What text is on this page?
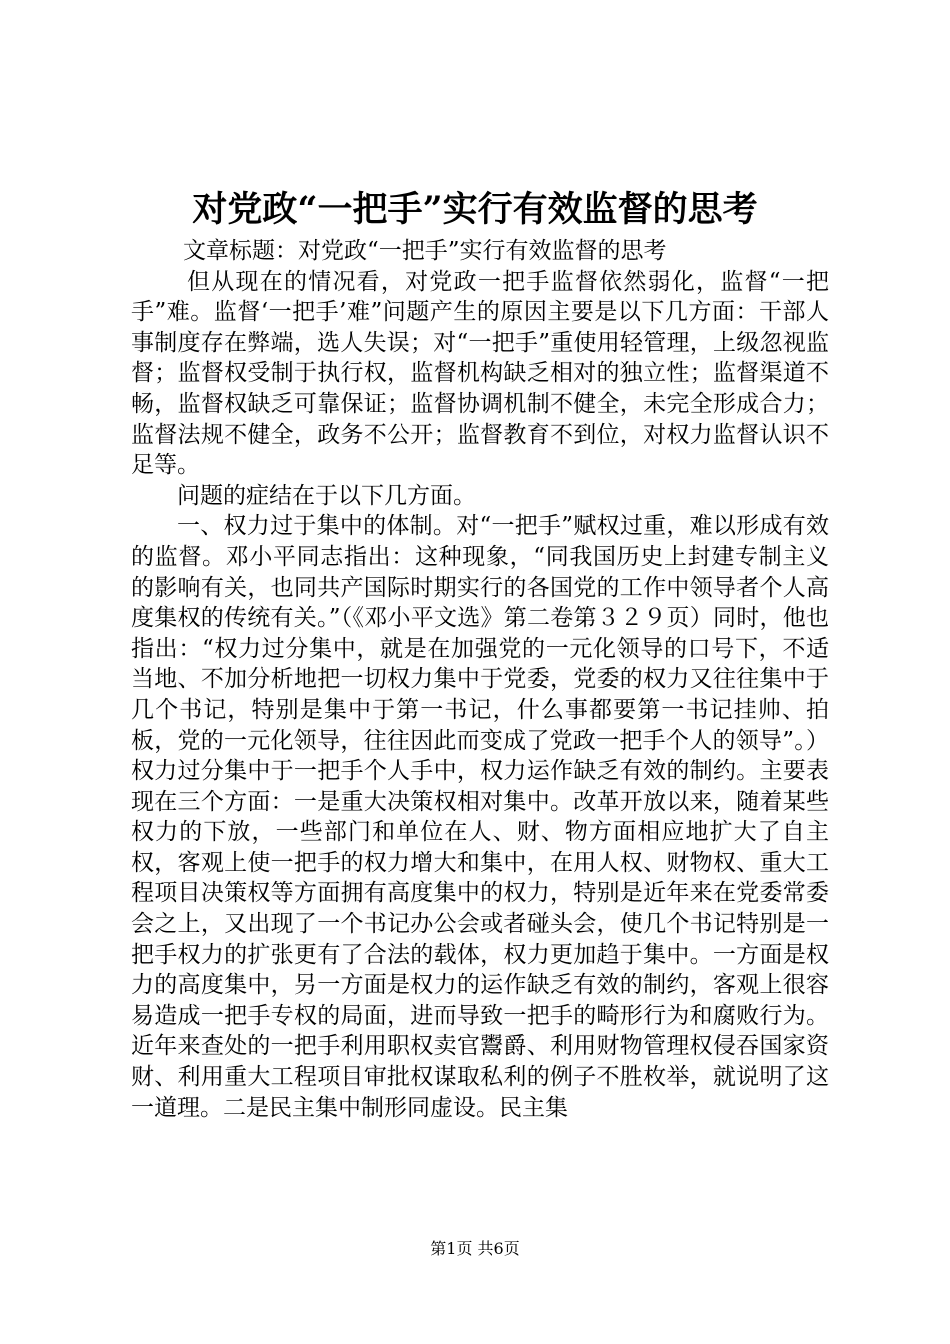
对党政“一把手”实行有效监督的思考

文章标题：对党政“一把手”实行有效监督的思考

但从现在的情况看，对党政一把手监督依然弱化，监督“一把手”难。监督‘一把手’难”问题产生的原因主要是以下几方面：干部人事制度存在弊端，选人失误；对“一把手”重使用轻管理，上级忽视监督；监督权受制于执行权，监督机构缺乏相对的独立性；监督渠道不畅，监督权缺乏可靠保证；监督协调机制不健全，未完全形成合力；监督法规不健全，政务不公开；监督教育不到位，对权力监督认识不足等。

问题的症结在于以下几方面。

一、权力过于集中的体制。对“一把手”赋权过重，难以形成有效的监督。邓小平同志指出：这种现象，“同我国历史上封建专制主义的影响有关，也同共产国际时期实行的各国党的工作中领导者个人高度集权的传统有关。”（《邓小平文选》第二卷第３２９页）同时，他也指出：“权力过分集中，就是在加强党的一元化领导的口号下，不适当地、不加分析地把一切权力集中于党委，党委的权力又往往集中于几个书记，特别是集中于第一书记，什么事都要第一书记挂帅、拍板，党的一元化领导，往往因此而变成了党政一把手个人的领导”。）权力过分集中于一把手个人手中，权力运作缺乏有效的制约。主要表现在三个方面：一是重大决策权相对集中。改革开放以来，随着某些权力的下放，一些部门和单位在人、财、物方面相应地扩大了自主权，客观上使一把手的权力增大和集中，在用人权、财物权、重大工程项目决策权等方面拥有高度集中的权力，特别是近年来在党委常委会之上，又出现了一个书记办公会或者碰头会，使几个书记特别是一把手权力的扩张更有了合法的载体，权力更加趋于集中。一方面是权力的高度集中，另一方面是权力的运作缺乏有效的制约，客观上很容易造成一把手专权的局面，进而导致一把手的畸形行为和腐败行为。近年来查处的一把手利用职权卖官鬻爵、利用财物管理权侵吞国家资财、利用重大工程项目审批权谋取私利的例子不胜枚举，就说明了这一道理。二是民主集中制形同虚设。民主集

第1页 共6页
